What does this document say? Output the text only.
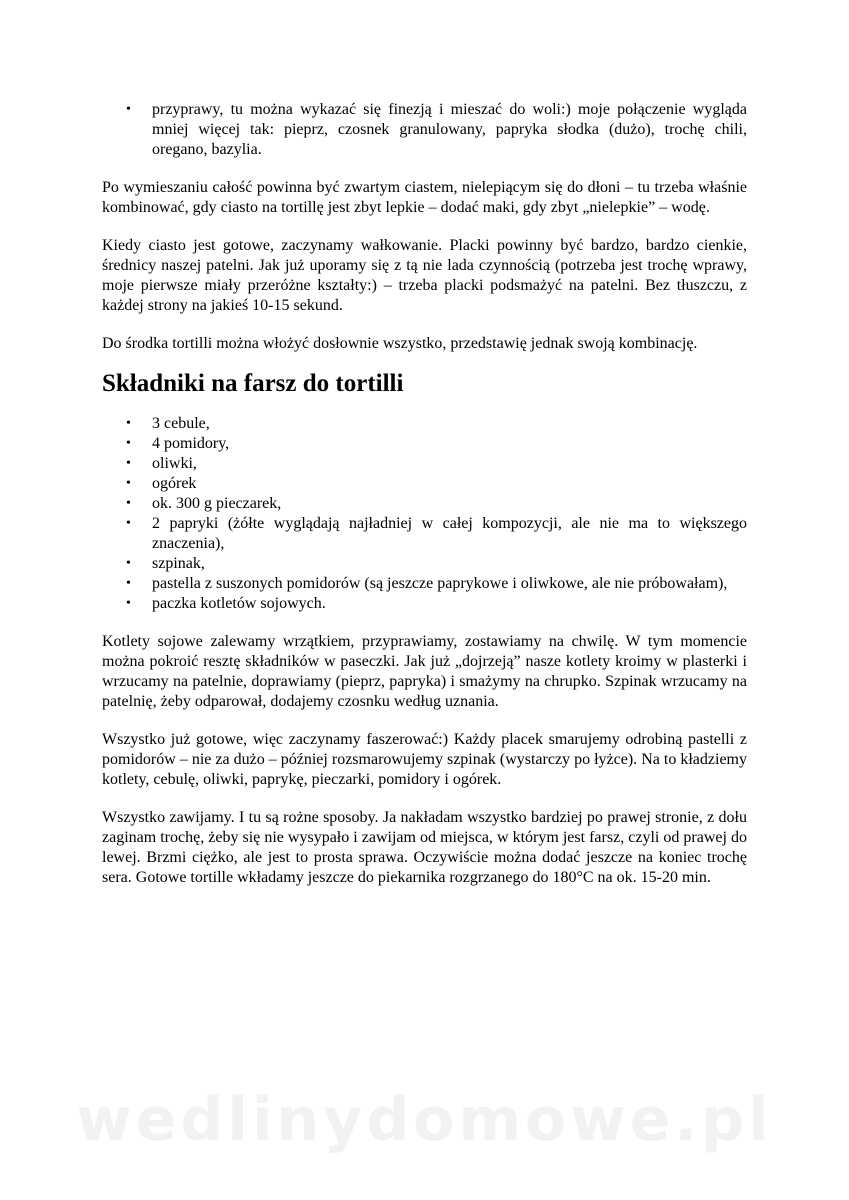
• przyprawy, tu można wykazać się finezją i mieszać do woli:) moje połączenie wygląda mniej więcej tak: pieprz, czosnek granulowany, papryka słodka (dużo), trochę chili, oregano, bazylia.

Po wymieszaniu całość powinna być zwartym ciastem, nielepiącym się do dłoni – tu trzeba właśnie kombinować, gdy ciasto na tortillę jest zbyt lepkie – dodać maki, gdy zbyt „nielepkie” – wodę.

Kiedy ciasto jest gotowe, zaczynamy wałkowanie. Placki powinny być bardzo, bardzo cienkie, średnicy naszej patelni. Jak już uporamy się z tą nie lada czynnością (potrzeba jest trochę wprawy, moje pierwsze miały przeróżne kształty:) – trzeba placki podsmażyć na patelni. Bez tłuszczu, z każdej strony na jakieś 10-15 sekund.

Do środka tortilli można włożyć dosłownie wszystko, przedstawię jednak swoją kombinację.

Składniki na farsz do tortilli
• 3 cebule,
• 4 pomidory,
• oliwki,
• ogórek
• ok. 300 g pieczarek,
• 2 papryki (żółte wyglądają najładniej w całej kompozycji, ale nie ma to większego znaczenia),
• szpinak,
• pastella z suszonych pomidorów (są jeszcze paprykowe i oliwkowe, ale nie próbowałam),
• paczka kotletów sojowych.

Kotlety sojowe zalewamy wrzątkiem, przyprawiamy, zostawiamy na chwilę. W tym momencie można pokroić resztę składników w paseczki. Jak już „dojrzeją” nasze kotlety kroimy w plasterki i wrzucamy na patelnie, doprawiamy (pieprz, papryka) i smażymy na chrupko. Szpinak wrzucamy na patelnię, żeby odparował, dodajemy czosnku według uznania.

Wszystko już gotowe, więc zaczynamy faszerować:) Każdy placek smarujemy odrobiną pastelli z pomidorów – nie za dużo – później rozsmarowujemy szpinak (wystarczy po łyżce). Na to kładziemy kotlety, cebulę, oliwki, paprykę, pieczarki, pomidory i ogórek.

Wszystko zawijamy. I tu są rożne sposoby. Ja nakładam wszystko bardziej po prawej stronie, z dołu zaginam trochę, żeby się nie wysypało i zawijam od miejsca, w którym jest farsz, czyli od prawej do lewej. Brzmi ciężko, ale jest to prosta sprawa. Oczywiście można dodać jeszcze na koniec trochę sera. Gotowe tortille wkładamy jeszcze do piekarnika rozgrzanego do 180°C na ok. 15-20 min.

wedlinydomowe.pl
